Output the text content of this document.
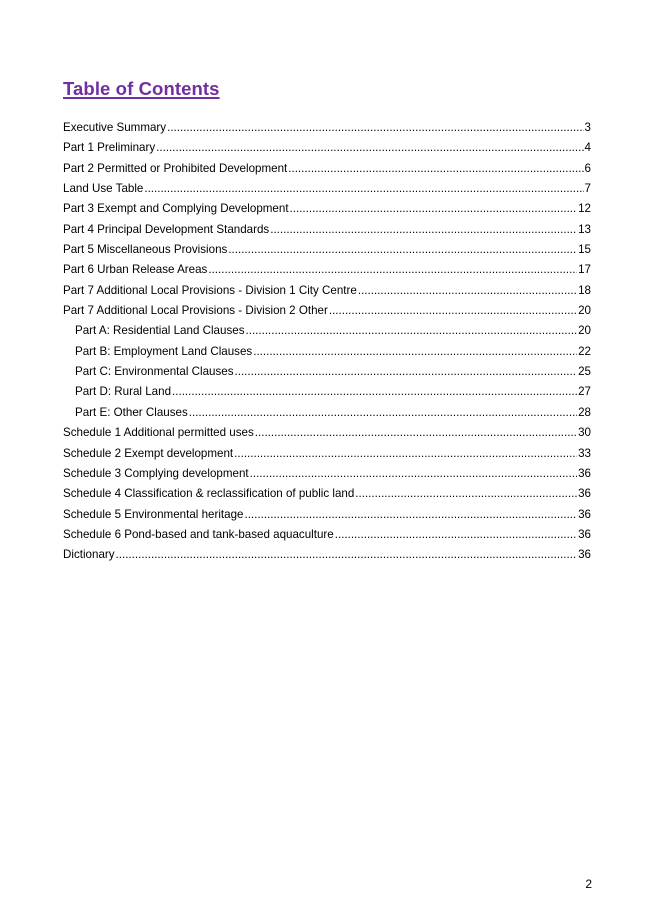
Table of Contents
Executive Summary .....	3
Part 1 Preliminary .....	4
Part 2 Permitted or Prohibited Development .....	6
Land Use Table .....	7
Part 3 Exempt and Complying Development .....	12
Part 4 Principal Development Standards .....	13
Part 5 Miscellaneous Provisions .....	15
Part 6 Urban Release Areas .....	17
Part 7 Additional Local Provisions - Division 1 City Centre .....	18
Part 7 Additional Local Provisions - Division 2 Other .....	20
Part A: Residential Land Clauses .....	20
Part B: Employment Land Clauses .....	22
Part C: Environmental Clauses .....	25
Part D: Rural Land .....	27
Part E: Other Clauses .....	28
Schedule 1 Additional permitted uses .....	30
Schedule 2 Exempt development .....	33
Schedule 3 Complying development .....	36
Schedule 4 Classification & reclassification of public land .....	36
Schedule 5 Environmental heritage .....	36
Schedule 6 Pond-based and tank-based aquaculture .....	36
Dictionary .....	36
2
